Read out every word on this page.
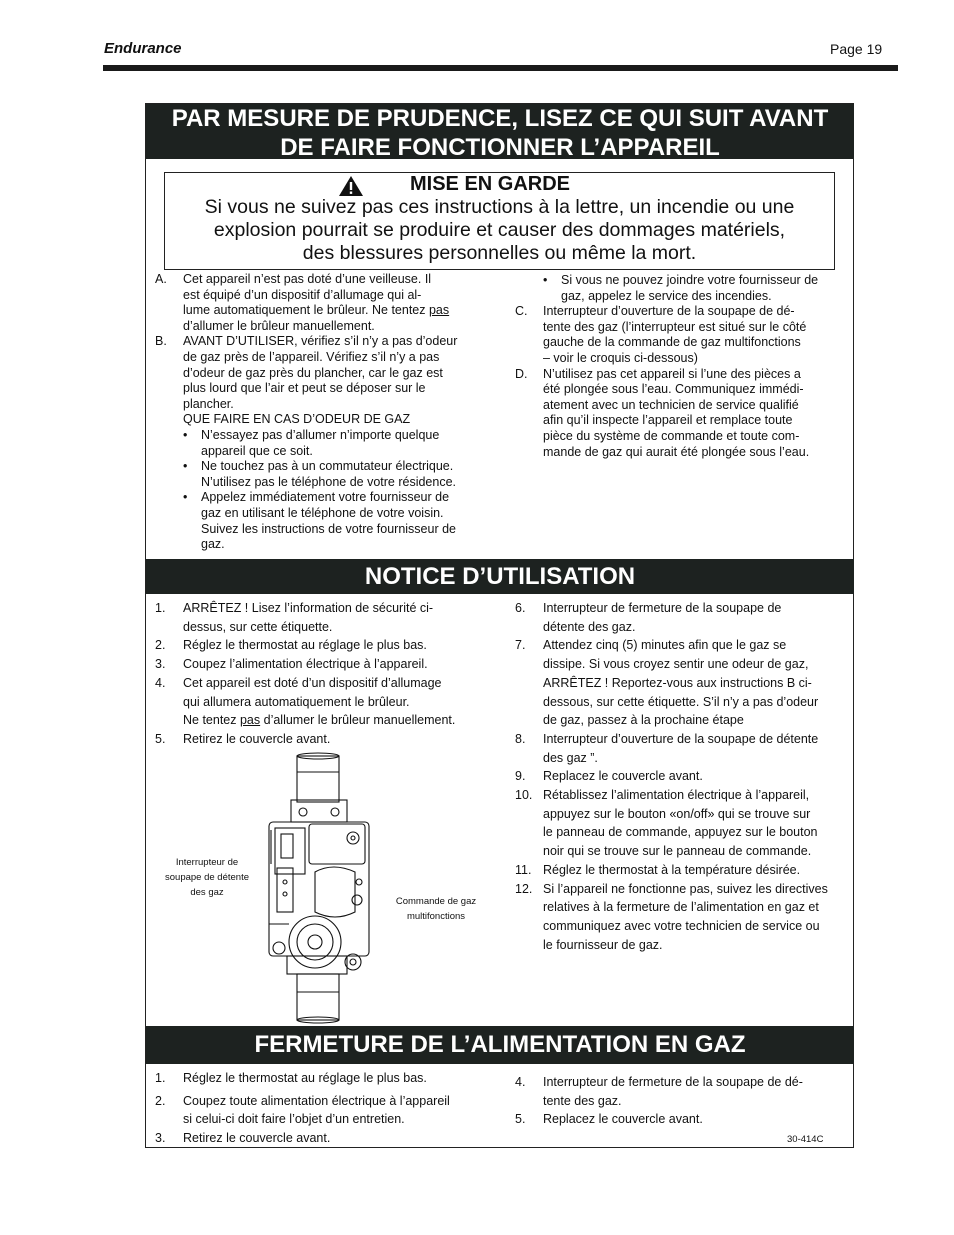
Endurance	Page 19
PAR MESURE DE PRUDENCE, LISEZ CE QUI SUIT AVANT
DE FAIRE FONCTIONNER L’APPAREIL
MISE EN GARDE
Si vous ne suivez pas ces instructions à la lettre, un incendie ou une
explosion pourrait se produire et causer des dommages matériels,
des blessures personnelles ou même la mort.
A. Cet appareil n’est pas doté d’une veilleuse. Il
est équipé d’un dispositif d’allumage qui al-
lume automatiquement le brûleur. Ne tentez pas
d’allumer le brûleur manuellement.
B. AVANT D’UTILISER, vérifiez s’il n’y a pas d’odeur
de gaz près de l’appareil. Vérifiez s’il n’y a pas
d’odeur de gaz près du plancher, car le gaz est
plus lourd que l’air et peut se déposer sur le
plancher.
QUE FAIRE EN CAS D’ODEUR DE GAZ
• N’essayez pas d’allumer n’importe quelque
appareil que ce soit.
• Ne touchez pas à un commutateur électrique.
N’utilisez pas le téléphone de votre résidence.
• Appelez immédiatement votre fournisseur de
gaz en utilisant le téléphone de votre voisin.
Suivez les instructions de votre fournisseur de
gaz.
• Si vous ne pouvez joindre votre fournisseur de
gaz, appelez le service des incendies.
C. Interrupteur d’ouverture de la soupape de dé-
tente des gaz (l’interrupteur est situé sur le côté
gauche de la commande de gaz multifonctions
– voir le croquis ci-dessous)
D. N’utilisez pas cet appareil si l’une des pièces a
été plongée sous l’eau. Communiquez immédi-
atement avec un technicien de service qualifié
afin qu’il inspecte l’appareil et remplace toute
pièce du système de commande et toute com-
mande de gaz qui aurait été plongée sous l’eau.
NOTICE D’UTILISATION
1. ARRÊTEZ ! Lisez l’information de sécurité ci-
dessus, sur cette étiquette.
2. Réglez le thermostat au réglage le plus bas.
3. Coupez l’alimentation électrique à l’appareil.
4. Cet appareil est doté d’un dispositif d’allumage
qui allumera automatiquement le brûleur.
Ne tentez pas d’allumer le brûleur manuellement.
5. Retirez le couvercle avant.
6. Interrupteur de fermeture de la soupape de
détente des gaz.
7. Attendez cinq (5) minutes afin que le gaz se
dissipe. Si vous croyez sentir une odeur de gaz,
ARRÊTEZ ! Reportez-vous aux instructions B ci-
dessous, sur cette étiquette. S’il n’y a pas d’odeur
de gaz, passez à la prochaine étape
8. Interrupteur d’ouverture de la soupape de détente
des gaz ”.
9. Replacez le couvercle avant.
10. Rétablissez l’alimentation électrique à l’appareil,
appuyez sur le bouton «on/off» qui se trouve sur
le panneau de commande, appuyez sur le bouton
noir qui se trouve sur le panneau de commande.
11. Réglez le thermostat à la température désirée.
12. Si l’appareil ne fonctionne pas, suivez les directives
relatives à la fermeture de l’alimentation en gaz et
communiquez avec votre technicien de service ou
le fournisseur de gaz.
Interrupteur de
soupape de détente
des gaz
Commande de gaz
multifonctions
FERMETURE DE L’ALIMENTATION EN GAZ
1. Réglez le thermostat au réglage le plus bas.
2. Coupez toute alimentation électrique à l’appareil
si celui-ci doit faire l’objet d’un entretien.
3. Retirez le couvercle avant.
4. Interrupteur de fermeture de la soupape de dé-
tente des gaz.
5. Replacez le couvercle avant.
30-414C
